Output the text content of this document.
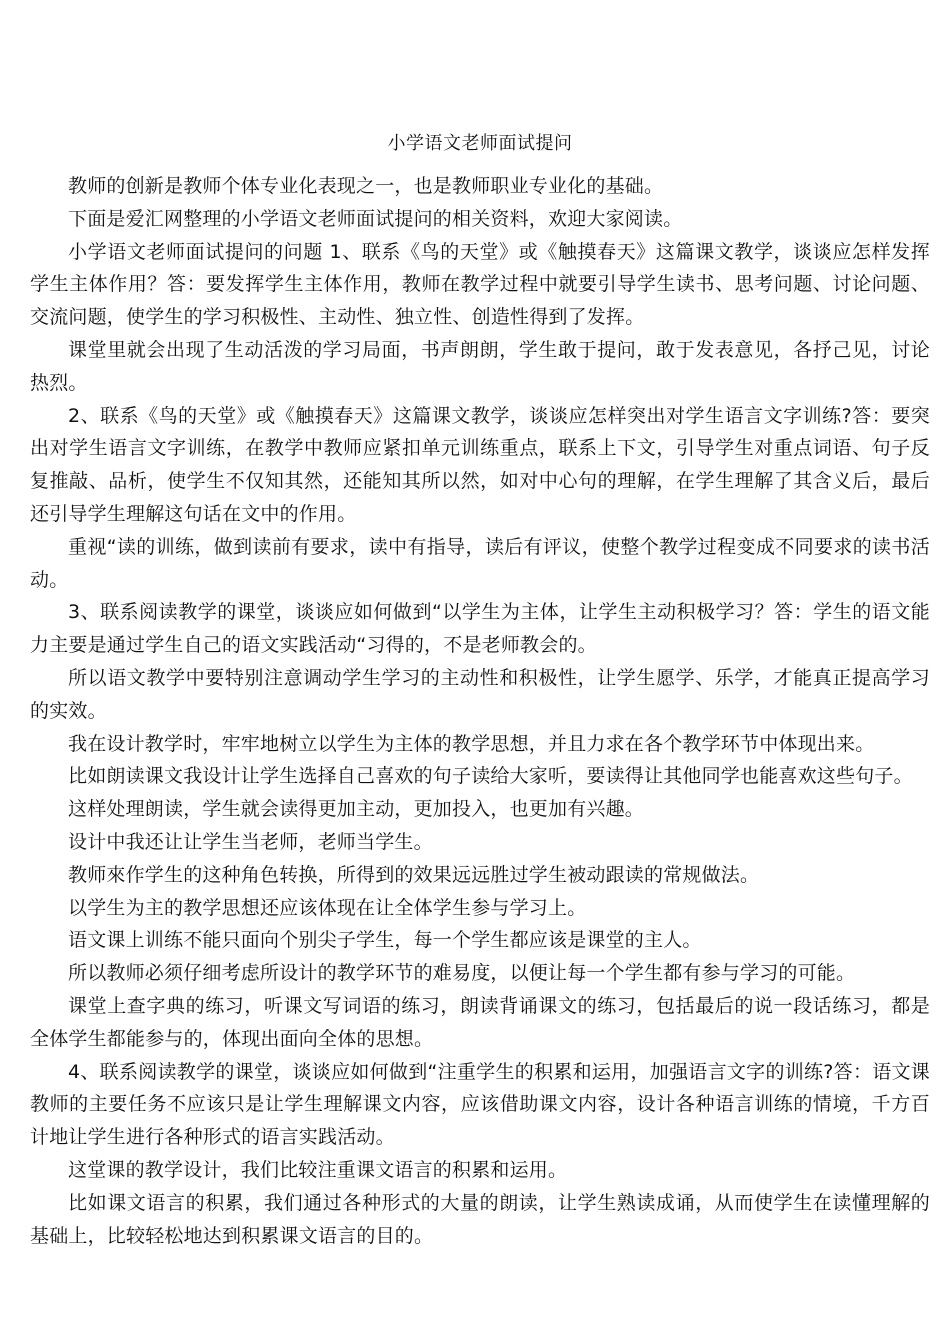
小学语文老师面试提问

教师的创新是教师个体专业化表现之一，也是教师职业专业化的基础。

下面是爱汇网整理的小学语文老师面试提问的相关资料，欢迎大家阅读。

小学语文老师面试提问的问题 1、联系《鸟的天堂》或《触摸春天》这篇课文教学，谈谈应怎样发挥学生主体作用？答：要发挥学生主体作用，教师在教学过程中就要引导学生读书、思考问题、讨论问题、交流问题，使学生的学习积极性、主动性、独立性、创造性得到了发挥。

课堂里就会出现了生动活泼的学习局面，书声朗朗，学生敢于提问，敢于发表意见，各抒己见，讨论热烈。

2、联系《鸟的天堂》或《触摸春天》这篇课文教学，谈谈应怎样突出对学生语言文字训练?答：要突出对学生语言文字训练，在教学中教师应紧扣单元训练重点，联系上下文，引导学生对重点词语、句子反复推敲、品析，使学生不仅知其然，还能知其所以然，如对中心句的理解，在学生理解了其含义后，最后还引导学生理解这句话在文中的作用。

重视“读的训练，做到读前有要求，读中有指导，读后有评议，使整个教学过程变成不同要求的读书活动。

3、联系阅读教学的课堂，谈谈应如何做到“以学生为主体，让学生主动积极学习？答：学生的语文能力主要是通过学生自己的语文实践活动“习得的，不是老师教会的。

所以语文教学中要特别注意调动学生学习的主动性和积极性，让学生愿学、乐学，才能真正提高学习的实效。

我在设计教学时，牢牢地树立以学生为主体的教学思想，并且力求在各个教学环节中体现出来。

比如朗读课文我设计让学生选择自己喜欢的句子读给大家听，要读得让其他同学也能喜欢这些句子。

这样处理朗读，学生就会读得更加主动，更加投入，也更加有兴趣。

设计中我还让让学生当老师，老师当学生。

教师來作学生的这种角色转换，所得到的效果远远胜过学生被动跟读的常规做法。

以学生为主的教学思想还应该体现在让全体学生参与学习上。

语文课上训练不能只面向个别尖子学生，每一个学生都应该是课堂的主人。

所以教师必须仔细考虑所设计的教学环节的难易度，以便让每一个学生都有参与学习的可能。

课堂上查字典的练习，听课文写词语的练习，朗读背诵课文的练习，包括最后的说一段话练习，都是全体学生都能参与的，体现出面向全体的思想。

4、联系阅读教学的课堂，谈谈应如何做到“注重学生的积累和运用，加强语言文字的训练?答：语文课教师的主要任务不应该只是让学生理解课文内容，应该借助课文内容，设计各种语言训练的情境，千方百计地让学生进行各种形式的语言实践活动。

这堂课的教学设计，我们比较注重课文语言的积累和运用。

比如课文语言的积累，我们通过各种形式的大量的朗读，让学生熟读成诵，从而使学生在读懂理解的基础上，比较轻松地达到积累课文语言的目的。
